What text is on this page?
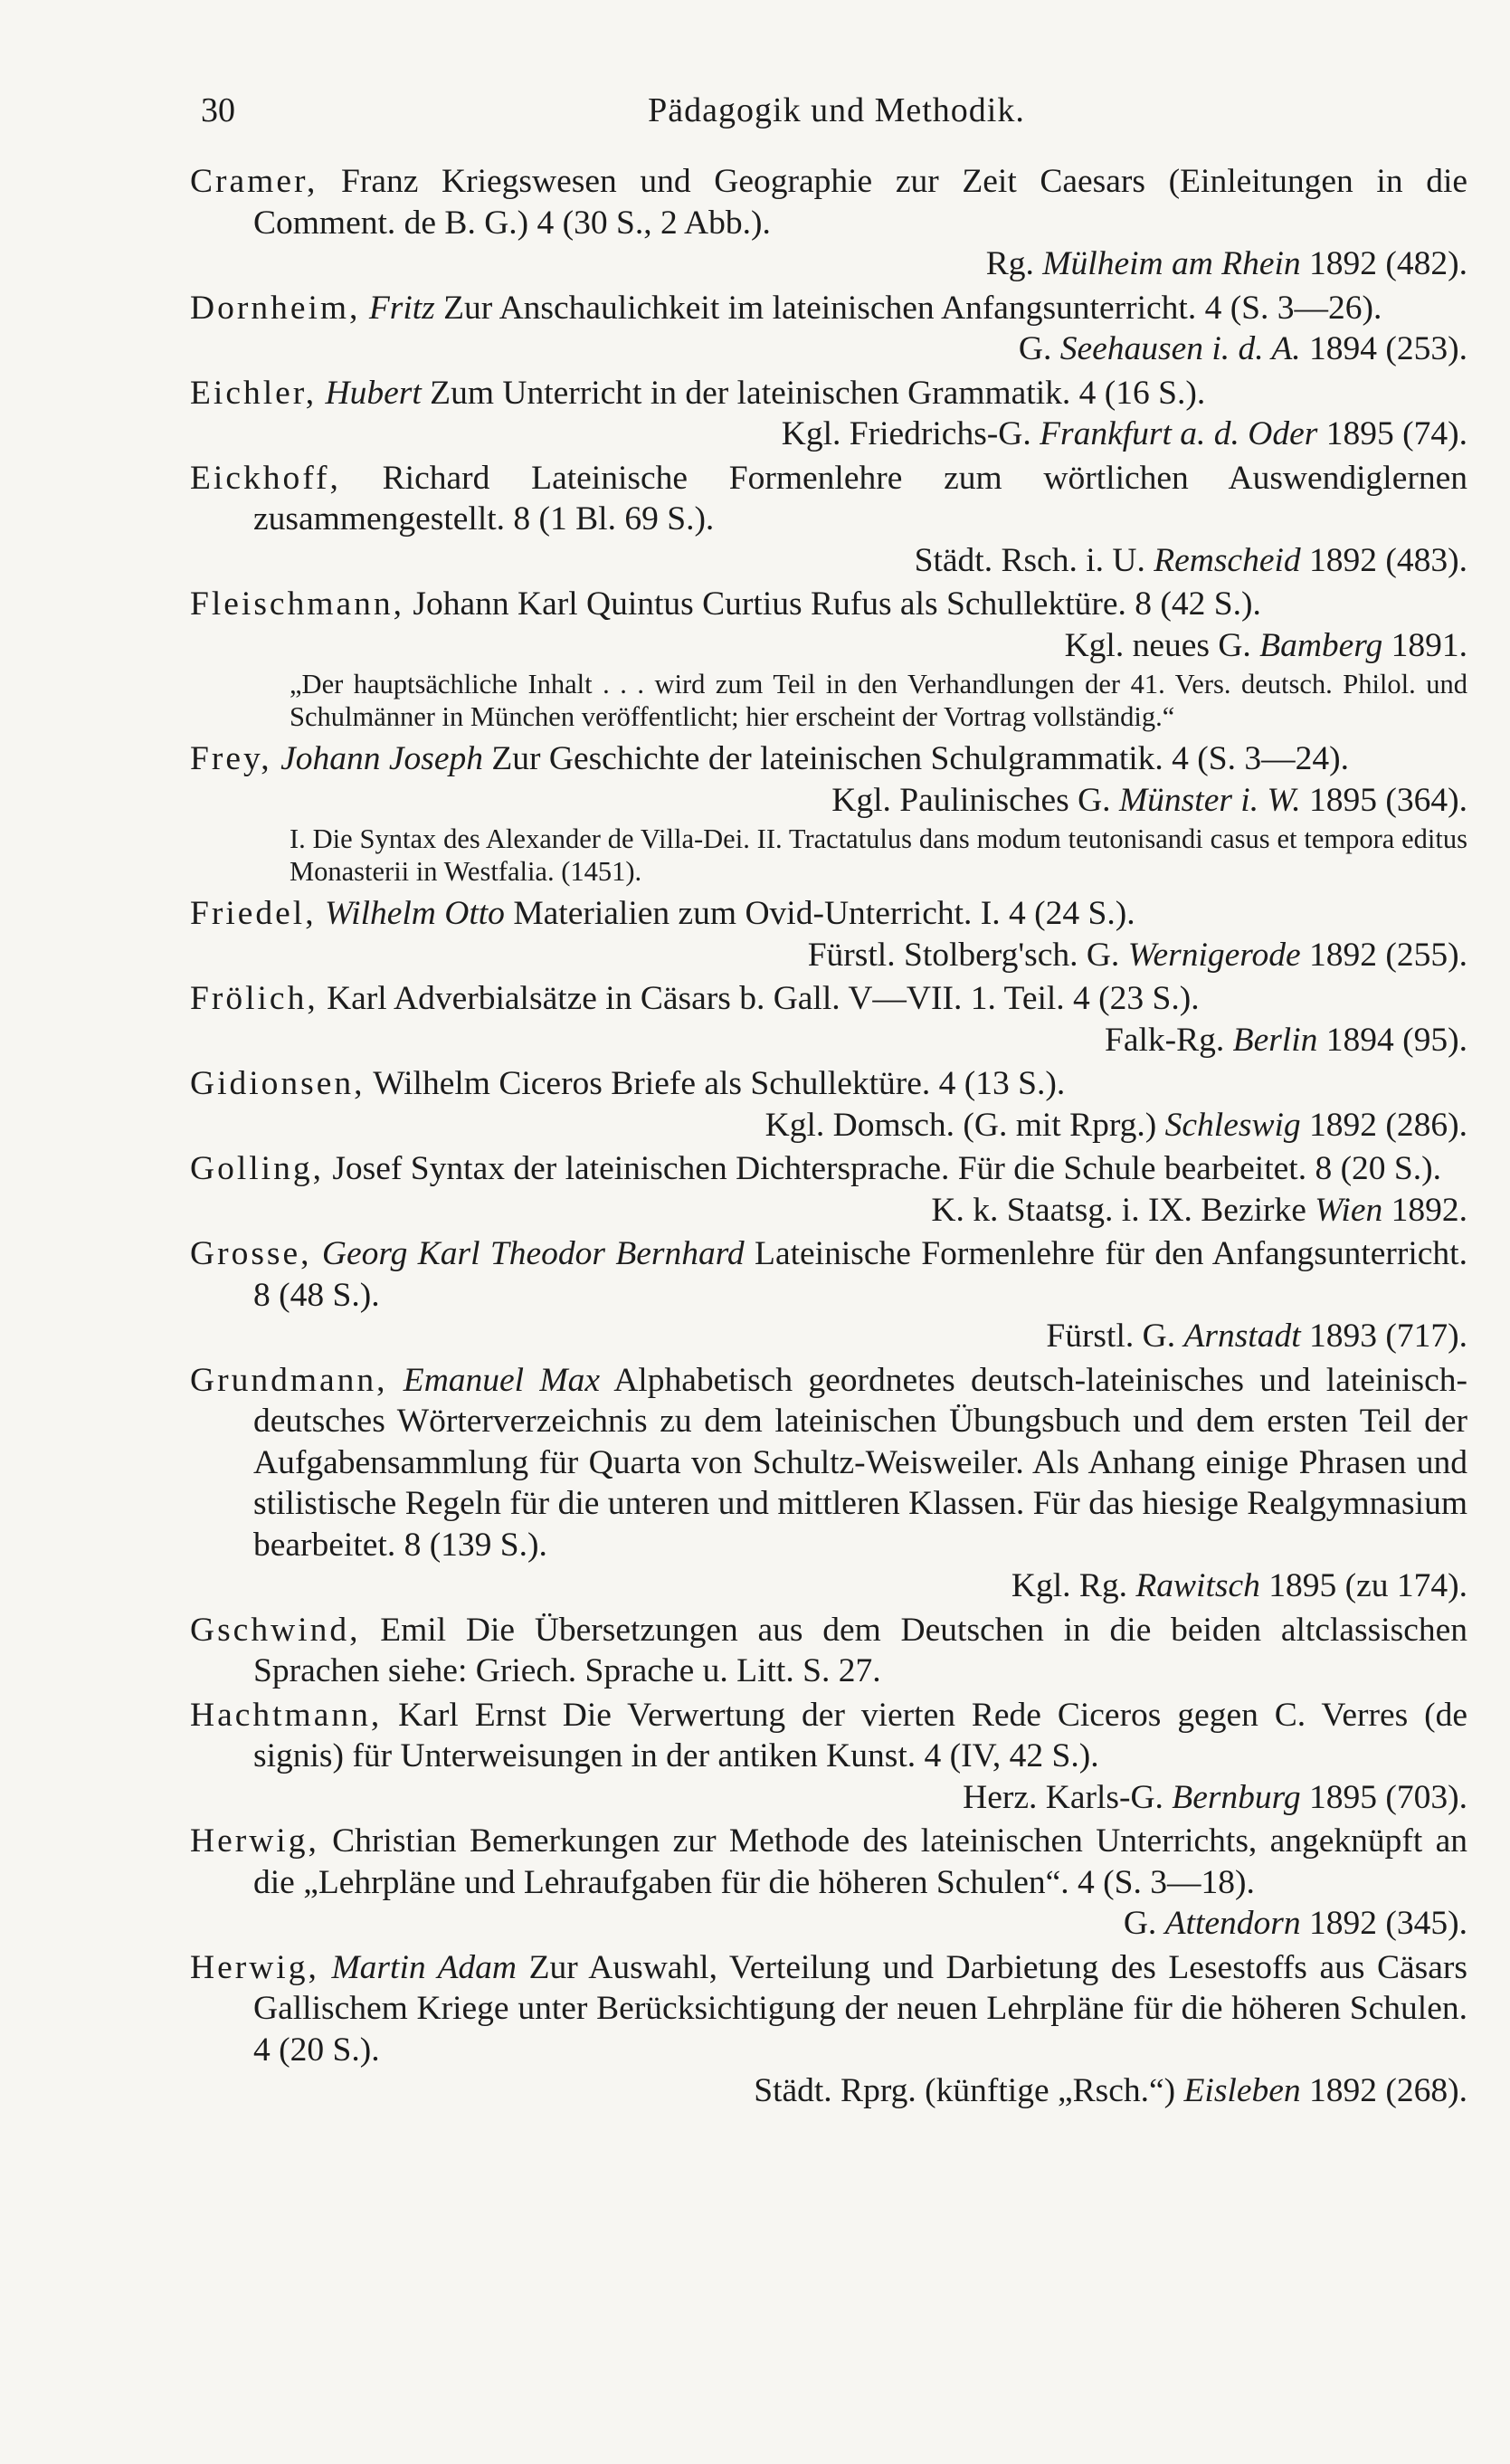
30	Pädagogik und Methodik.

Cramer, Franz Kriegswesen und Geographie zur Zeit Caesars (Einleitungen in die Comment. de B. G.) 4 (30 S., 2 Abb.).
Rg. Mülheim am Rhein 1892 (482).

Dornheim, Fritz Zur Anschaulichkeit im lateinischen Anfangsunterricht. 4 (S. 3—26).
G. Seehausen i. d. A. 1894 (253).

Eichler, Hubert Zum Unterricht in der lateinischen Grammatik. 4 (16 S.).
Kgl. Friedrichs-G. Frankfurt a. d. Oder 1895 (74).

Eickhoff, Richard Lateinische Formenlehre zum wörtlichen Auswendiglernen zusammengestellt. 8 (1 Bl. 69 S.).
Städt. Rsch. i. U. Remscheid 1892 (483).

Fleischmann, Johann Karl Quintus Curtius Rufus als Schullektüre. 8 (42 S.).
Kgl. neues G. Bamberg 1891.

„Der hauptsächliche Inhalt . . . wird zum Teil in den Verhandlungen der 41. Vers. deutsch. Philol. und Schulmänner in München veröffentlicht; hier erscheint der Vortrag vollständig.“

Frey, Johann Joseph Zur Geschichte der lateinischen Schulgrammatik. 4 (S. 3—24).
Kgl. Paulinisches G. Münster i. W. 1895 (364).

I. Die Syntax des Alexander de Villa-Dei. II. Tractatulus dans modum teutonisandi casus et tempora editus Monasterii in Westfalia. (1451).

Friedel, Wilhelm Otto Materialien zum Ovid-Unterricht. I. 4 (24 S.).
Fürstl. Stolberg'sch. G. Wernigerode 1892 (255).

Frölich, Karl Adverbialsätze in Cäsars b. Gall. V—VII. 1. Teil. 4 (23 S.).
Falk-Rg. Berlin 1894 (95).

Gidionsen, Wilhelm Ciceros Briefe als Schullektüre. 4 (13 S.).
Kgl. Domsch. (G. mit Rprg.) Schleswig 1892 (286).

Golling, Josef Syntax der lateinischen Dichtersprache. Für die Schule bearbeitet. 8 (20 S.).
K. k. Staatsg. i. IX. Bezirke Wien 1892.

Grosse, Georg Karl Theodor Bernhard Lateinische Formenlehre für den Anfangsunterricht. 8 (48 S.).
Fürstl. G. Arnstadt 1893 (717).

Grundmann, Emanuel Max Alphabetisch geordnetes deutsch-lateinisches und lateinisch-deutsches Wörterverzeichnis zu dem lateinischen Übungsbuch und dem ersten Teil der Aufgabensammlung für Quarta von Schultz-Weisweiler. Als Anhang einige Phrasen und stilistische Regeln für die unteren und mittleren Klassen. Für das hiesige Realgymnasium bearbeitet. 8 (139 S.).
Kgl. Rg. Rawitsch 1895 (zu 174).

Gschwind, Emil Die Übersetzungen aus dem Deutschen in die beiden altclassischen Sprachen siehe: Griech. Sprache u. Litt. S. 27.

Hachtmann, Karl Ernst Die Verwertung der vierten Rede Ciceros gegen C. Verres (de signis) für Unterweisungen in der antiken Kunst. 4 (IV, 42 S.).
Herz. Karls-G. Bernburg 1895 (703).

Herwig, Christian Bemerkungen zur Methode des lateinischen Unterrichts, angeknüpft an die „Lehrpläne und Lehraufgaben für die höheren Schulen“. 4 (S. 3—18).
G. Attendorn 1892 (345).

Herwig, Martin Adam Zur Auswahl, Verteilung und Darbietung des Lesestoffs aus Cäsars Gallischem Kriege unter Berücksichtigung der neuen Lehrpläne für die höheren Schulen. 4 (20 S.).
Städt. Rprg. (künftige „Rsch.“) Eisleben 1892 (268).
